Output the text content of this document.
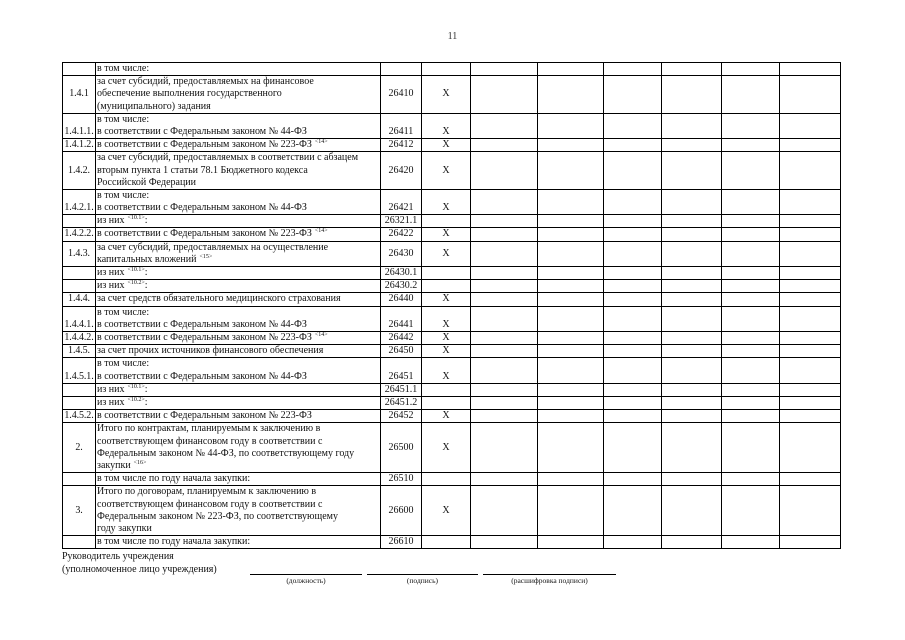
11

	в том числе:								

1.4.1	за счет субсидий, предоставляемых на финансовое
обеспечение выполнения государственного
(муниципального) задания	26410	X						
1.4.1.1.	в том числе:
в соответствии с Федеральным законом № 44-ФЗ	26411	X						
1.4.1.2.	в соответствии с Федеральным законом № 223-ФЗ $^{<14>}$	26412	X						
1.4.2.	за счет субсидий, предоставляемых в соответствии с абзацем
вторым пункта 1 статьи 78.1 Бюджетного кодекса
Российской Федерации	26420	X						
1.4.2.1.	в том числе:
в соответствии с Федеральным законом № 44-ФЗ	26421	X						

	из них $^{<10.1>}$:	26321.1							
1.4.2.2.	в соответствии с Федеральным законом № 223-ФЗ $^{<14>}$	26422	X						
1.4.3.	за счет субсидий, предоставляемых на осуществление
капитальных вложений $^{<15>}$	26430	X						

	из них $^{<10.1>}$:	26430.1							

	из них $^{<10.2>}$:	26430.2							
1.4.4.	за счет средств обязательного медицинского страхования	26440	X						
1.4.4.1.	в том числе:
в соответствии с Федеральным законом № 44-ФЗ	26441	X						
1.4.4.2.	в соответствии с Федеральным законом № 223-ФЗ $^{<14>}$	26442	X						
1.4.5.	за счет прочих источников финансового обеспечения	26450	X						
1.4.5.1.	в том числе:
в соответствии с Федеральным законом № 44-ФЗ	26451	X						

	из них $^{<10.1>}$:	26451.1							

	из них $^{<10.2>}$:	26451.2							
1.4.5.2.	в соответствии с Федеральным законом № 223-ФЗ	26452	X						
2.	Итого по контрактам, планируемым к заключению в
соответствующем финансовом году в соответствии с
Федеральным законом № 44-ФЗ, по соответствующему году
закупки $^{<16>}$	26500	X						

	в том числе по году начала закупки:	26510							
3.	Итого по договорам, планируемым к заключению в
соответствующем финансовом году в соответствии с
Федеральным законом № 223-ФЗ, по соответствующему
году закупки	26600	X						

	в том числе по году начала закупки:	26610							
Руководитель учреждения
(уполномоченное лицо учреждения)
(должность)	(подпись)	(расшифровка подписи)
